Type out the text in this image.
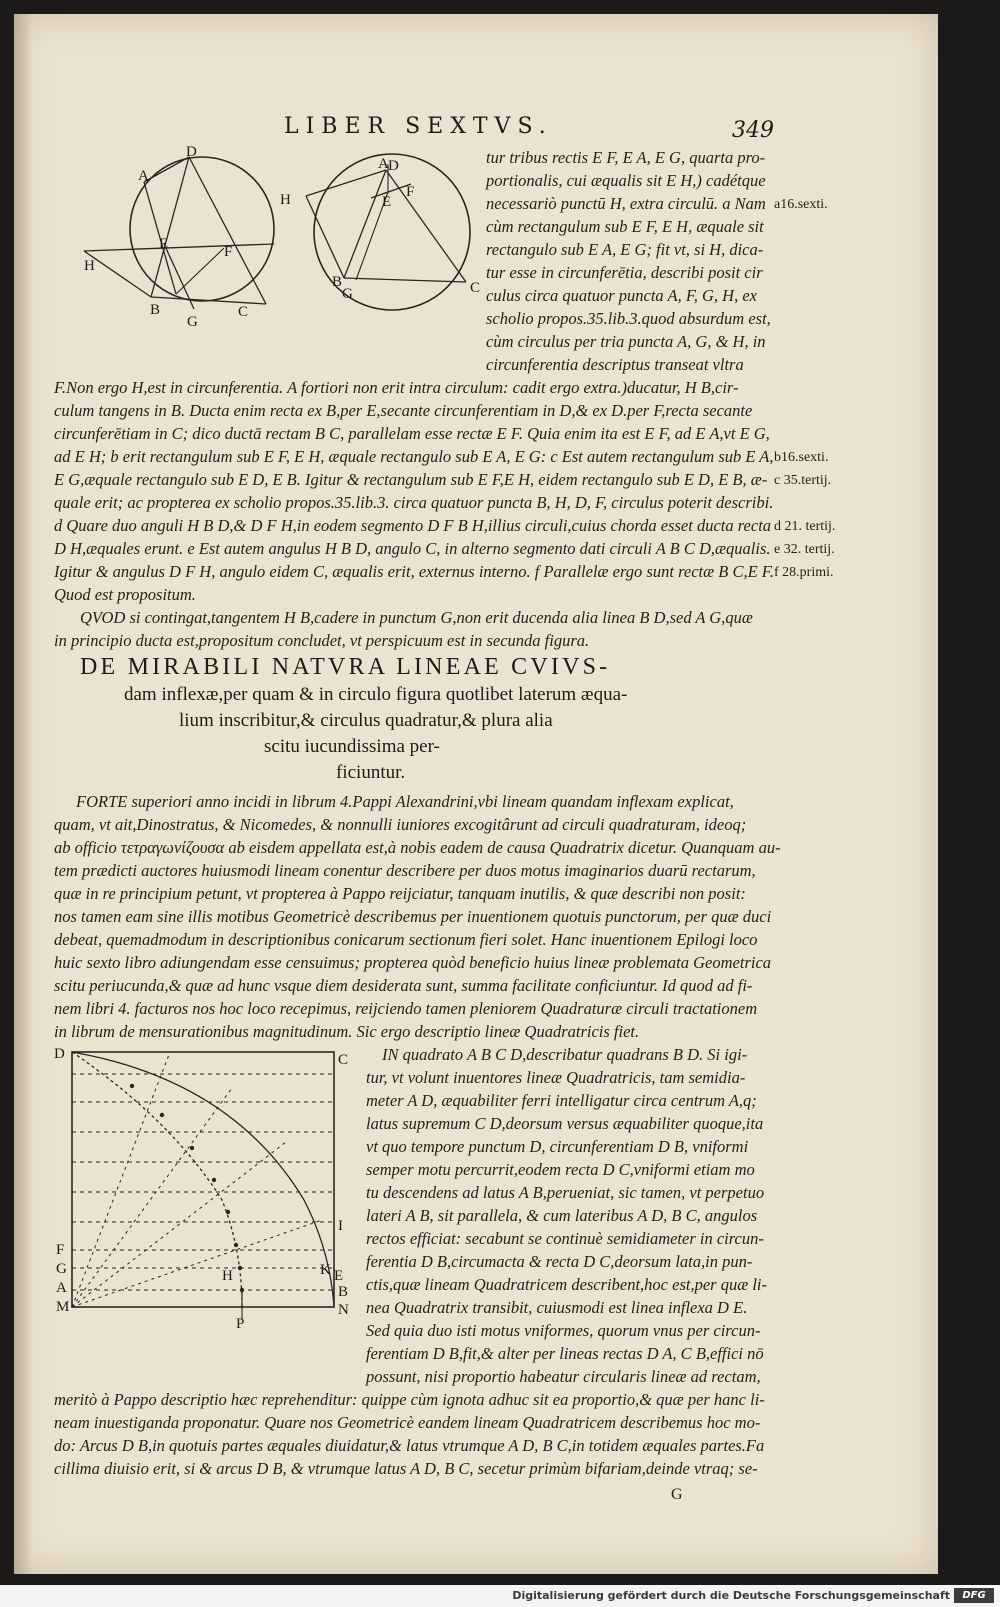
LIBER SEXTVS.	349
A
D
E	F
H
B
G
C
A D
F
E
H
B
G	C
tur tribus rectis E F, E A, E G, quarta pro-
portionalis, cui æqualis sit E H,) cadétque
necessariò punctū H, extra circulū. a Nam
cùm rectangulum sub E F, E H, æquale sit
rectangulo sub E A, E G; fit vt, si H, dica-
tur esse in circunferētia, describi posit cir
culus circa quatuor puncta A, F, G, H, ex
scholio propos.35.lib.3.quod absurdum est,
cùm circulus per tria puncta A, G, & H, in
circunferentia descriptus transeat vltra
F.Non ergo H,est in circunferentia. A fortiori non erit intra circulum: cadit ergo extra.)ducatur, H B,cir-
culum tangens in B. Ducta enim recta ex B,per E,secante circunferentiam in D,& ex D.per F,recta secante
circunferētiam in C; dico ductā rectam B C, parallelam esse rectæ E F. Quia enim ita est E F, ad E A,vt E G,
ad E H; b erit rectangulum sub E F, E H, æquale rectangulo sub E A, E G: c Est autem rectangulum sub E A,
E G,æquale rectangulo sub E D, E B. Igitur & rectangulum sub E F,E H, eidem rectangulo sub E D, E B, æ-
quale erit; ac propterea ex scholio propos.35.lib.3. circa quatuor puncta B, H, D, F, circulus poterit describi.
d Quare duo anguli H B D,& D F H,in eodem segmento D F B H,illius circuli,cuius chorda esset ducta recta
D H,æquales erunt. e Est autem angulus H B D, angulo C, in alterno segmento dati circuli A B C D,æqualis.
Igitur & angulus D F H, angulo eidem C, æqualis erit, externus interno. f Parallelæ ergo sunt rectæ B C,E F.
Quod est propositum.
QVOD si contingat,tangentem H B,cadere in punctum G,non erit ducenda alia linea B D,sed A G,quæ
in principio ducta est,propositum concludet, vt perspicuum est in secunda figura.
a16.sexti.
b16.sexti.
c 35.tertij.
d 21. tertij.
e 32. tertij.
f 28.primi.
DE MIRABILI NATVRA LINEAE CVIVS-
dam inflexæ,per quam & in circulo figura quotlibet laterum æqua-
lium inscribitur,& circulus quadratur,& plura alia
scitu iucundissima per-
ficiuntur.
FORTE superiori anno incidi in librum 4.Pappi Alexandrini,vbi lineam quandam inflexam explicat,
quam, vt ait,Dinostratus, & Nicomedes, & nonnulli iuniores excogitârunt ad circuli quadraturam, ideoq;
ab officio τετραγωνίζουσα ab eisdem appellata est,à nobis eadem de causa Quadratrix dicetur. Quanquam au-
tem prædicti auctores huiusmodi lineam conentur describere per duos motus imaginarios duarū rectarum,
quæ in re principium petunt, vt propterea à Pappo reijciatur, tanquam inutilis, & quæ describi non posit:
nos tamen eam sine illis motibus Geometricè describemus per inuentionem quotuis punctorum, per quæ duci
debeat, quemadmodum in descriptionibus conicarum sectionum fieri solet. Hanc inuentionem Epilogi loco
huic sexto libro adiungendam esse censuimus; propterea quòd beneficio huius lineæ problemata Geometrica
scitu periucunda,& quæ ad hunc vsque diem desiderata sunt, summa facilitate conficiuntur. Id quod ad fi-
nem libri 4. facturos nos hoc loco recepimus, reijciendo tamen pleniorem Quadraturæ circuli tractationem
in librum de mensurationibus magnitudinum. Sic ergo descriptio lineæ Quadratricis fiet.
D	C
I
F
G
A
M
H	K E
B
N
P
IN quadrato A B C D,describatur quadrans B D. Si igi-
tur, vt volunt inuentores lineæ Quadratricis, tam semidia-
meter A D, æquabiliter ferri intelligatur circa centrum A,q;
latus supremum C D,deorsum versus æquabiliter quoque,ita
vt quo tempore punctum D, circunferentiam D B, vniformi
semper motu percurrit,eodem recta D C,vniformi etiam mo
tu descendens ad latus A B,perueniat, sic tamen, vt perpetuo
lateri A B, sit parallela, & cum lateribus A D, B C, angulos
rectos efficiat: secabunt se continuè semidiameter in circun-
ferentia D B,circumacta & recta D C,deorsum lata,in pun-
ctis,quæ lineam Quadratricem describent,hoc est,per quæ li-
nea Quadratrix transibit, cuiusmodi est linea inflexa D E.
Sed quia duo isti motus vniformes, quorum vnus per circun-
ferentiam D B,fit,& alter per lineas rectas D A, C B,effici nō
possunt, nisi proportio habeatur circularis lineæ ad rectam,
meritò à Pappo descriptio hæc reprehenditur: quippe cùm ignota adhuc sit ea proportio,& quæ per hanc li-
neam inuestiganda proponatur. Quare nos Geometricè eandem lineam Quadratricem describemus hoc mo-
do: Arcus D B,in quotuis partes æquales diuidatur,& latus vtrumque A D, B C,in totidem æquales partes.Fa
cillima diuisio erit, si & arcus D B, & vtrumque latus A D, B C, secetur primùm bifariam,deinde vtraq; se-
G
Digitalisierung gefördert durch die Deutsche Forschungsgemeinschaft	DFG
